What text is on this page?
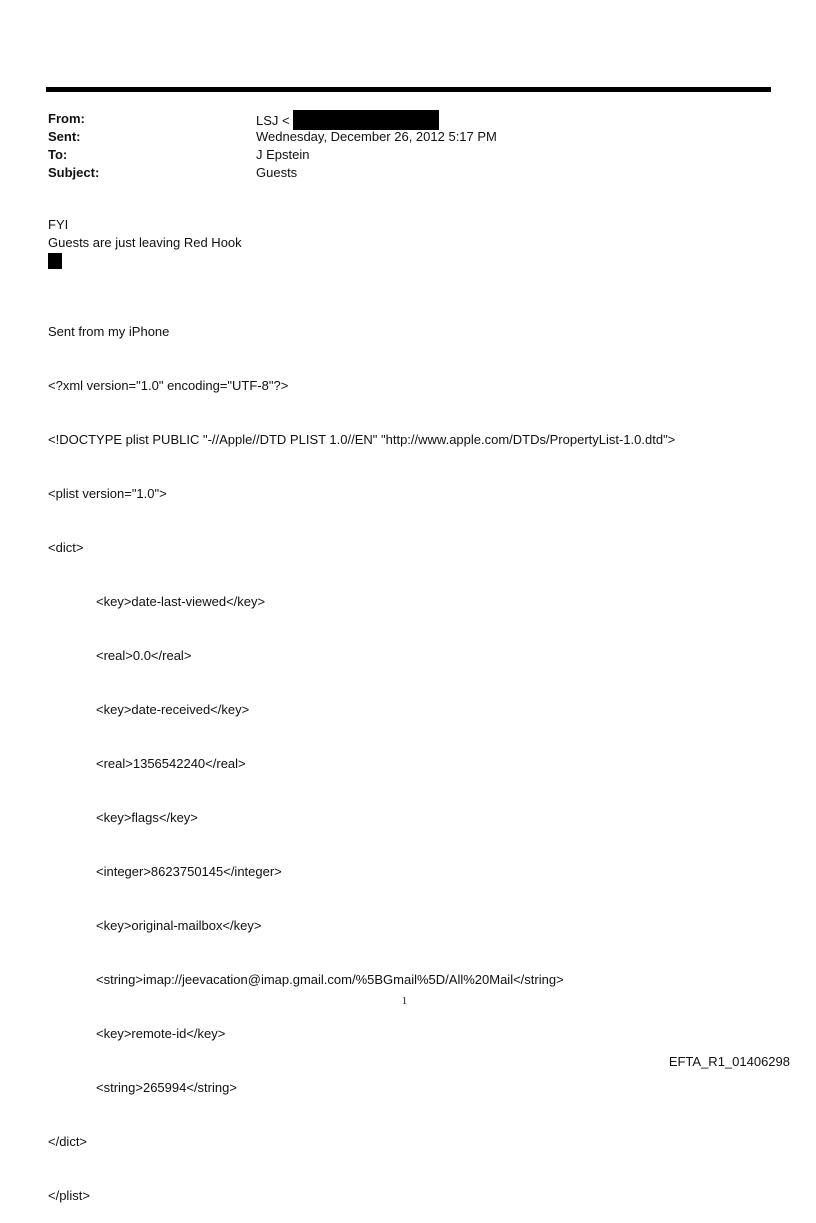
From:	LSJ <
Sent:	Wednesday, December 26, 2012 5:17 PM
To:	J Epstein
Subject:	Guests
FYI
Guests are just leaving Red Hook

Sent from my iPhone

<?xml version="1.0" encoding="UTF-8"?>

<!DOCTYPE plist PUBLIC "-//Apple//DTD PLIST 1.0//EN" "http://www.apple.com/DTDs/PropertyList-1.0.dtd">

<plist version="1.0">

<dict>

<key>date-last-viewed</key>

<real>0.0</real>

<key>date-received</key>

<real>1356542240</real>

<key>flags</key>

<integer>8623750145</integer>

<key>original-mailbox</key>

<string>imap://jeevacation@imap.gmail.com/%5BGmail%5D/All%20Mail</string>

<key>remote-id</key>

<string>265994</string>

</dict>

</plist>

1
EFTA_R1_01406298
